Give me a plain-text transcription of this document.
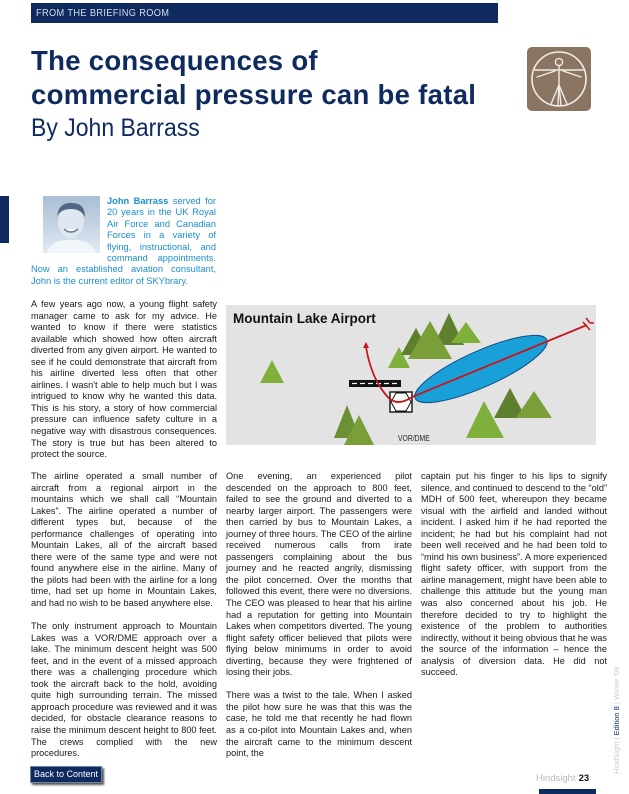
FROM THE BRIEFING ROOM
The consequences of
commercial pressure can be fatal
By John Barrass
John Barrass served for 20 years in the UK Royal Air Force and Canadian Forces in a variety of flying, instructional, and command appointments. Now an established aviation consultant, John is the current editor of SKYbrary.

A few years ago now, a young flight safety manager came to ask for my advice. He wanted to know if there were statistics available which showed how often aircraft diverted from any given airport. He wanted to see if he could demonstrate that aircraft from his airline diverted less often that other airlines. I wasn't able to help much but I was intrigued to know why he wanted this data. This is his story, a story of how commercial pressure can influence safety culture in a negative way with disastrous consequences. The story is true but has been altered to protect the source.

Mountain Lake Airport
VOR/DME

The airline operated a small number of aircraft from a regional airport in the mountains which we shall call “Mountain Lakes”. The airline operated a number of different types but, because of the performance challenges of operating into Mountain Lakes, all of the aircraft based there were of the same type and were not found anywhere else in the airline. Many of the pilots had been with the airline for a long time, had set up home in Mountain Lakes, and had no wish to be based anywhere else.

The only instrument approach to Mountain Lakes was a VOR/DME approach over a lake. The minimum descent height was 500 feet, and in the event of a missed approach there was a challenging procedure which took the aircraft back to the hold, avoiding quite high surrounding terrain. The missed approach procedure was reviewed and it was decided, for obstacle clearance reasons to raise the minimum descent height to 800 feet. The crews complied with the new procedures.

One evening, an experienced pilot descended on the approach to 800 feet, failed to see the ground and diverted to a nearby larger airport. The passengers were then carried by bus to Mountain Lakes, a journey of three hours. The CEO of the airline received numerous calls from irate passengers complaining about the bus journey and he reacted angrily, dismissing the pilot concerned. Over the months that followed this event, there were no diversions. The CEO was pleased to hear that his airline had a reputation for getting into Mountain Lakes when competitors diverted. The young flight safety officer believed that pilots were flying below minimums in order to avoid diverting, because they were frightened of losing their jobs.

There was a twist to the tale. When I asked the pilot how sure he was that this was the case, he told me that recently he had flown as a co-pilot into Mountain Lakes and, when the aircraft came to the minimum descent point, the

captain put his finger to his lips to signify silence, and continued to descend to the “old” MDH of 500 feet, whereupon they became visual with the airfield and landed without incident. I asked him if he had reported the incident; he had but his complaint had not been well received and he had been told to “mind his own business”. A more experienced flight safety officer, with support from the airline management, might have been able to challenge this attitude but the young man was also concerned about his job. He therefore decided to try to highlight the existence of the problem to authorities indirectly, without it being obvious that he was the source of the information – hence the analysis of diversion data. He did not succeed.

Back to Content	Hindsight 23
HindSight | Edition 8 | Winter '09
